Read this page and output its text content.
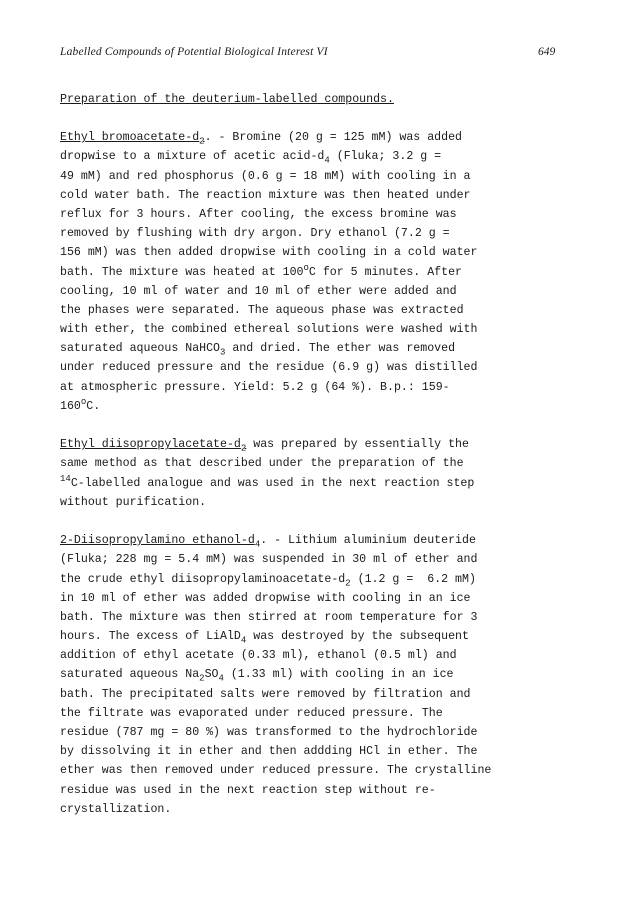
Labelled Compounds of Potential Biological Interest VI	649
Preparation of the deuterium-labelled compounds.
Ethyl bromoacetate-$d_2$. - Bromine (20 g = 125 mM) was added
dropwise to a mixture of acetic acid-$d_4$ (Fluka; 3.2 g =
49 mM) and red phosphorus (0.6 g = 18 mM) with cooling in a
cold water bath. The reaction mixture was then heated under
reflux for 3 hours. After cooling, the excess bromine was
removed by flushing with dry argon. Dry ethanol (7.2 g =
156 mM) was then added dropwise with cooling in a cold water
bath. The mixture was heated at 100$^o$C for 5 minutes. After
cooling, 10 ml of water and 10 ml of ether were added and
the phases were separated. The aqueous phase was extracted
with ether, the combined ethereal solutions were washed with
saturated aqueous NaHCO$_3$ and dried. The ether was removed
under reduced pressure and the residue (6.9 g) was distilled
at atmospheric pressure. Yield: 5.2 g (64 %). B.p.: 159-
160$^o$C.
Ethyl diisopropylacetate-$d_2$ was prepared by essentially the
same method as that described under the preparation of the
$^{14}$C-labelled analogue and was used in the next reaction step
without purification.
2-Diisopropylamino ethanol-$d_4$. - Lithium aluminium deuteride
(Fluka; 228 mg = 5.4 mM) was suspended in 30 ml of ether and
the crude ethyl diisopropylaminoacetate-$d_2$ (1.2 g =  6.2 mM)
in 10 ml of ether was added dropwise with cooling in an ice
bath. The mixture was then stirred at room temperature for 3
hours. The excess of LiAlD$_4$ was destroyed by the subsequent
addition of ethyl acetate (0.33 ml), ethanol (0.5 ml) and
saturated aqueous $Na_2SO_4$ (1.33 ml) with cooling in an ice
bath. The precipitated salts were removed by filtration and
the filtrate was evaporated under reduced pressure. The
residue (787 mg = 80 %) was transformed to the hydrochloride
by dissolving it in ether and then addding HCl in ether. The
ether was then removed under reduced pressure. The crystalline
residue was used in the next reaction step without re-
crystallization.
